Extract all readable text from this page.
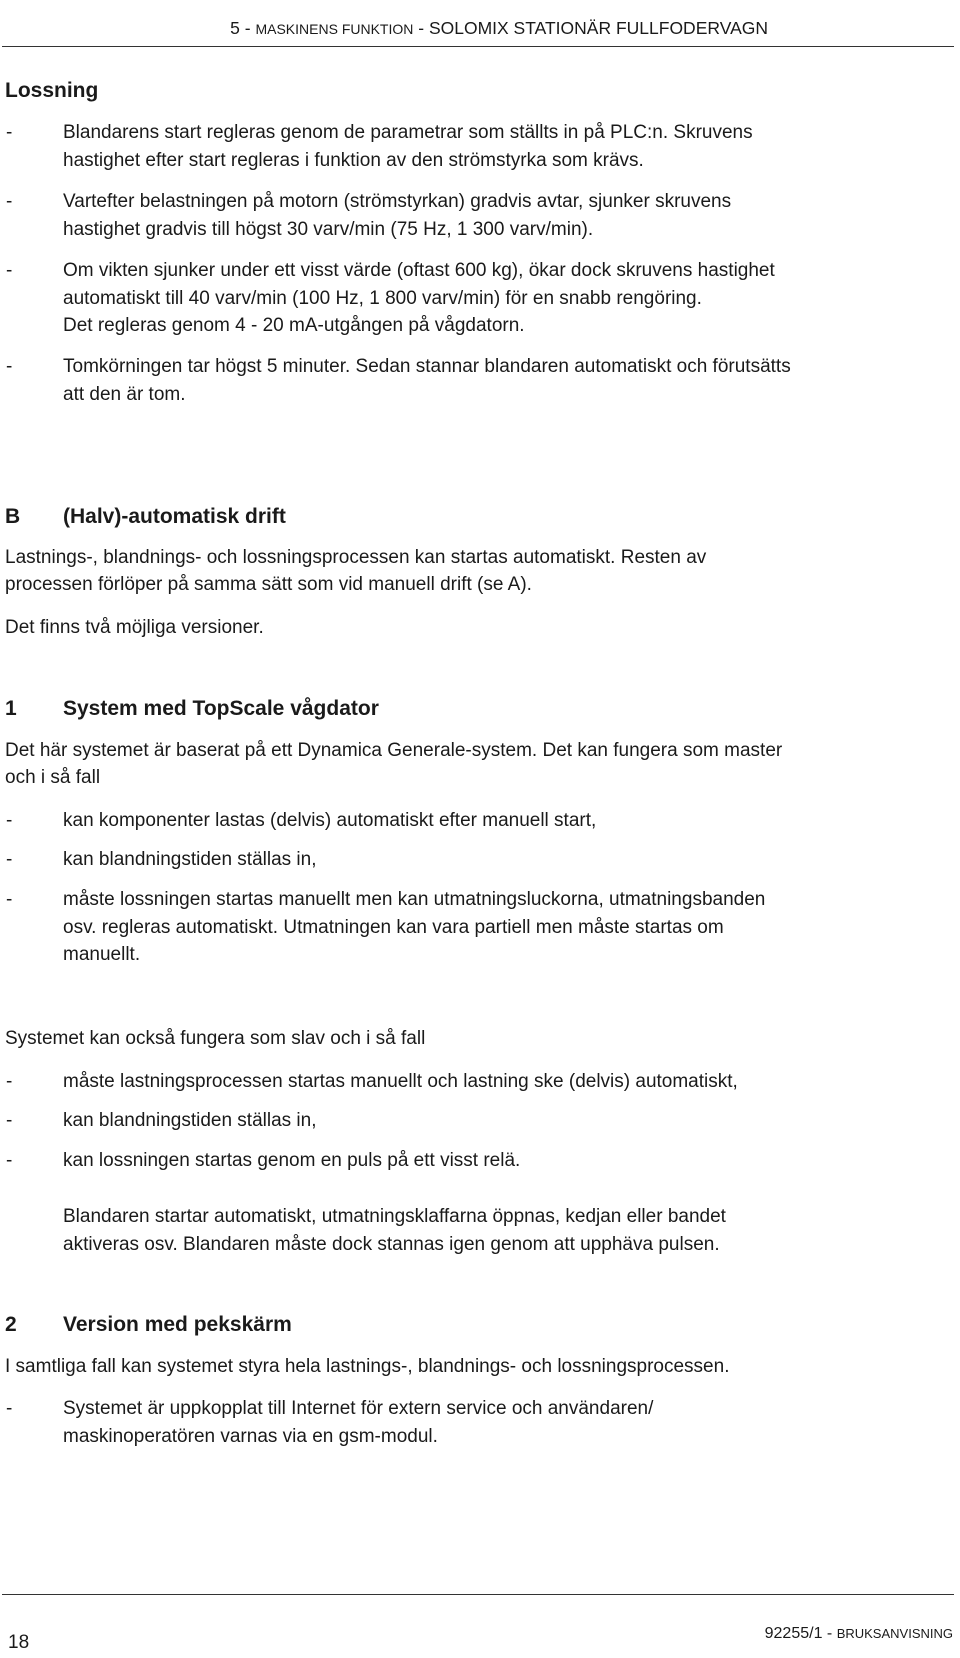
5 - MASKINENS FUNKTION - SOLOMIX STATIONÄR FULLFODERVAGN
Lossning
-	Blandarens start regleras genom de parametrar som ställts in på PLC:n. Skruvens
hastighet efter start regleras i funktion av den strömstyrka som krävs.
-	Vartefter belastningen på motorn (strömstyrkan) gradvis avtar, sjunker skruvens
hastighet gradvis till högst 30 varv/min (75 Hz, 1 300 varv/min).
-	Om vikten sjunker under ett visst värde (oftast 600 kg), ökar dock skruvens hastighet
automatiskt till 40 varv/min (100 Hz, 1 800 varv/min) för en snabb rengöring.
Det regleras genom 4 - 20 mA-utgången på vågdatorn.
-	Tomkörningen tar högst 5 minuter. Sedan stannar blandaren automatiskt och förutsätts
att den är tom.
B (Halv)-automatisk drift
Lastnings-, blandnings- och lossningsprocessen kan startas automatiskt. Resten av
processen förlöper på samma sätt som vid manuell drift (se A).
Det finns två möjliga versioner.
1 System med TopScale vågdator
Det här systemet är baserat på ett Dynamica Generale-system. Det kan fungera som master
och i så fall
-	kan komponenter lastas (delvis) automatiskt efter manuell start,
-	kan blandningstiden ställas in,
-	måste lossningen startas manuellt men kan utmatningsluckorna, utmatningsbanden
osv. regleras automatiskt. Utmatningen kan vara partiell men måste startas om
manuellt.
Systemet kan också fungera som slav och i så fall
-	måste lastningsprocessen startas manuellt och lastning ske (delvis) automatiskt,
-	kan blandningstiden ställas in,
-	kan lossningen startas genom en puls på ett visst relä.
Blandaren startar automatiskt, utmatningsklaffarna öppnas, kedjan eller bandet
aktiveras osv. Blandaren måste dock stannas igen genom att upphäva pulsen.
2 Version med pekskärm
I samtliga fall kan systemet styra hela lastnings-, blandnings- och lossningsprocessen.
-	Systemet är uppkopplat till Internet för extern service och användaren/
maskinoperatören varnas via en gsm-modul.
92255/1 - BRUKSANVISNING
18
